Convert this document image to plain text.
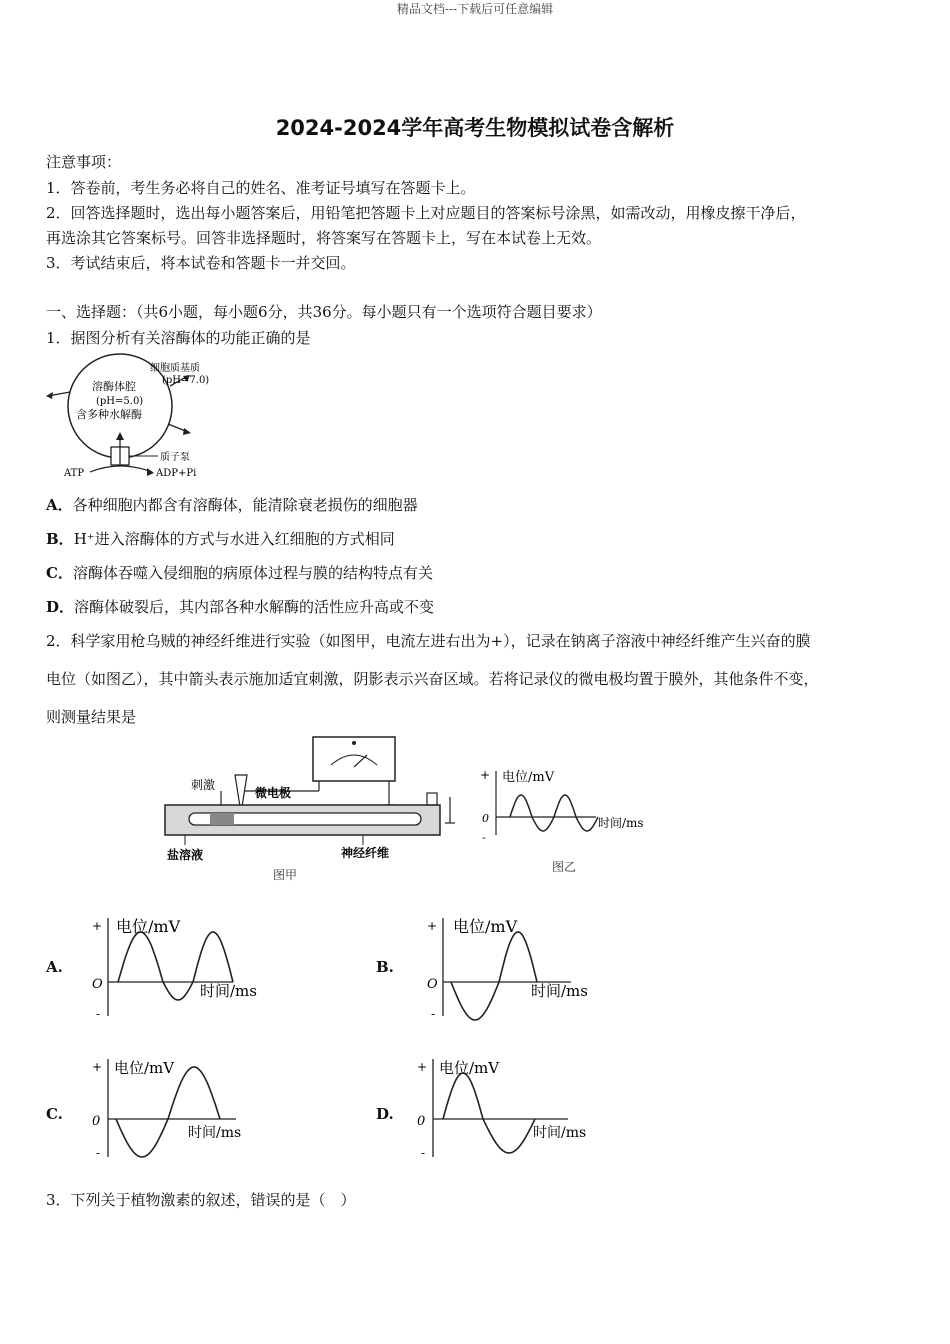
精品文档---下载后可任意编辑
2024-2024学年高考生物模拟试卷含解析
注意事项：
1．答卷前，考生务必将自己的姓名、准考证号填写在答题卡上。
2．回答选择题时，选出每小题答案后，用铅笔把答题卡上对应题目的答案标号涂黑，如需改动，用橡皮擦干净后，
再选涂其它答案标号。回答非选择题时，将答案写在答题卡上，写在本试卷上无效。
3．考试结束后，将本试卷和答题卡一并交回。
一、选择题：（共6小题，每小题6分，共36分。每小题只有一个选项符合题目要求）
1．据图分析有关溶酶体的功能正确的是
细胞质基质
(pH=7.0)
溶酶体腔
(pH=5.0)
含多种水解酶
质子泵
ATP	ADP+Pi
A．各种细胞内都含有溶酶体，能清除衰老损伤的细胞器
B．H⁺进入溶酶体的方式与水进入红细胞的方式相同
C．溶酶体吞噬入侵细胞的病原体过程与膜的结构特点有关
D．溶酶体破裂后，其内部各种水解酶的活性应升高或不变
2．科学家用枪乌贼的神经纤维进行实验（如图甲，电流左进右出为+），记录在钠离子溶液中神经纤维产生兴奋的膜
电位（如图乙），其中箭头表示施加适宜刺激，阴影表示兴奋区域。若将记录仪的微电极均置于膜外，其他条件不变，
则测量结果是
刺激
微电极
盐溶液	神经纤维
图甲
+ 电位/mV
0
-
时间/ms
图乙
A.
+ 电位/mV
O
-
时间/ms
B.
+ 电位/mV
O
-
时间/ms
C.
+ 电位/mV
0
-
时间/ms
D.
+ 电位/mV
0
-
时间/ms
3．下列关于植物激素的叙述，错误的是（　）
